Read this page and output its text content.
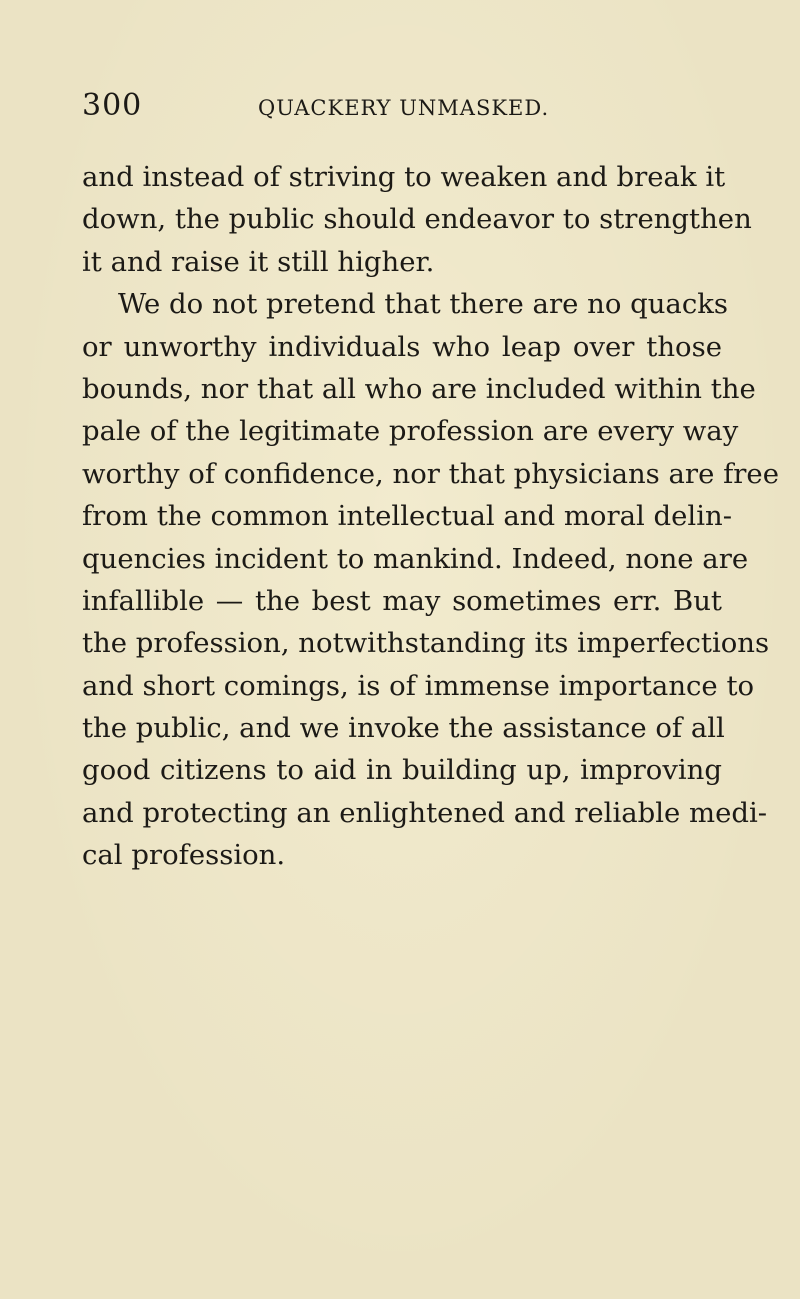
300	QUACKERY UNMASKED.
and instead of striving to weaken and break it
down, the public should endeavor to strengthen
it and raise it still higher.
We do not pretend that there are no quacks
or unworthy individuals who leap over those
bounds, nor that all who are included within the
pale of the legitimate profession are every way
worthy of confidence, nor that physicians are free
from the common intellectual and moral delin-
quencies incident to mankind. Indeed, none are
infallible — the best may sometimes err. But
the profession, notwithstanding its imperfections
and short comings, is of immense importance to
the public, and we invoke the assistance of all
good citizens to aid in building up, improving
and protecting an enlightened and reliable medi-
cal profession.
